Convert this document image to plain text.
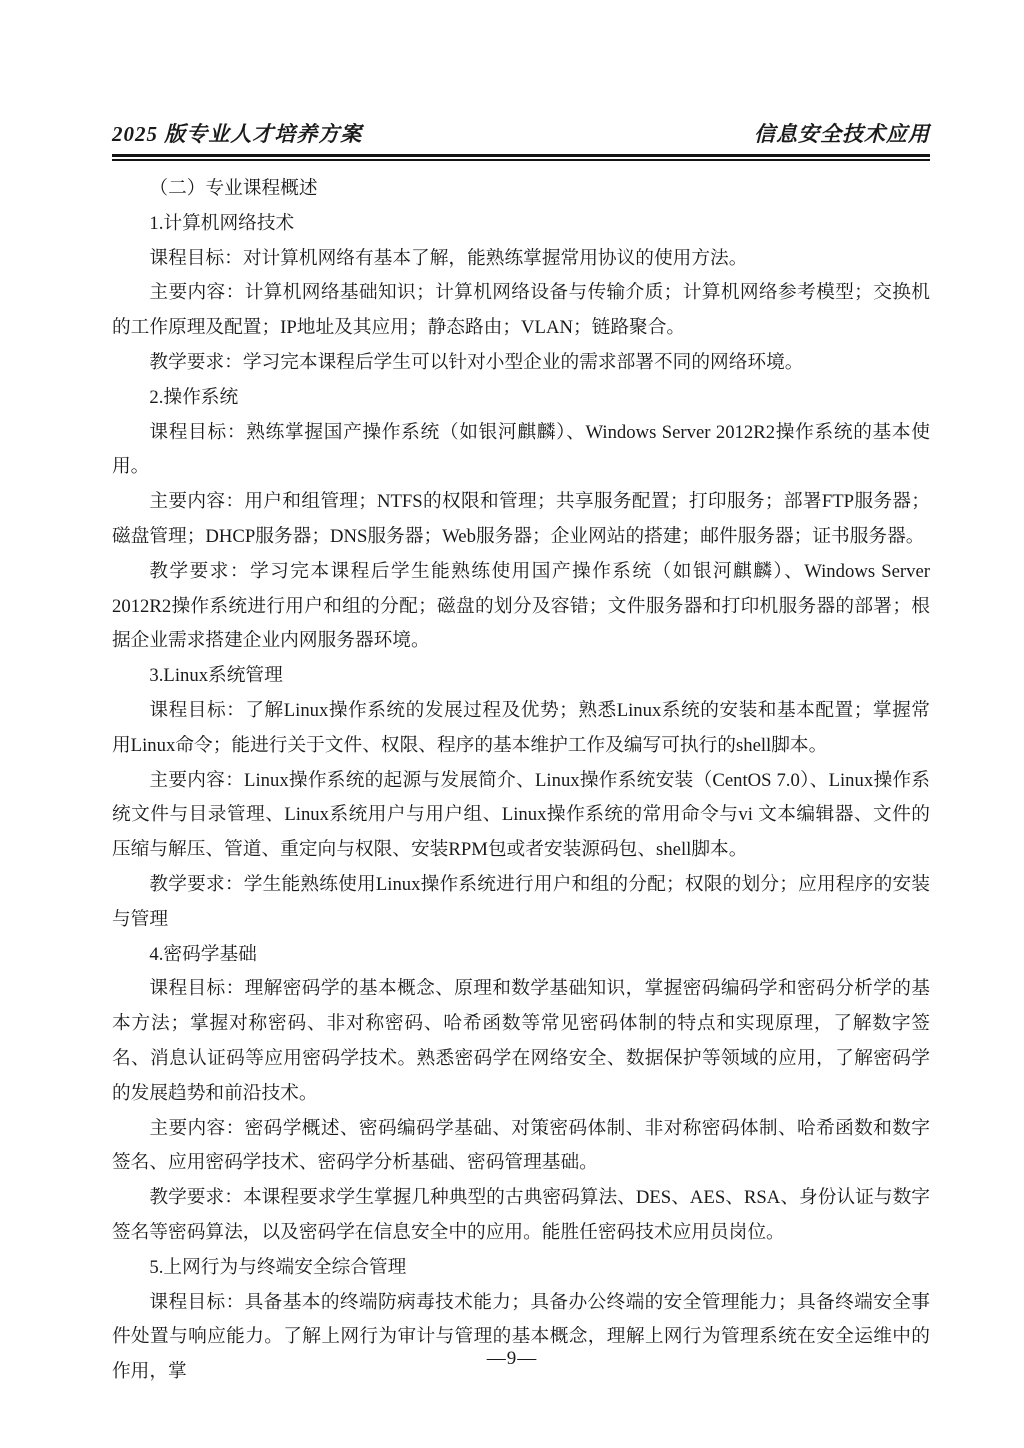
2025 版专业人才培养方案	信息安全技术应用

（二）专业课程概述

1.计算机网络技术

课程目标：对计算机网络有基本了解，能熟练掌握常用协议的使用方法。

主要内容：计算机网络基础知识；计算机网络设备与传输介质；计算机网络参考模型；交换机的工作原理及配置；IP地址及其应用；静态路由；VLAN；链路聚合。

教学要求：学习完本课程后学生可以针对小型企业的需求部署不同的网络环境。

2.操作系统

课程目标：熟练掌握国产操作系统（如银河麒麟）、Windows Server 2012R2操作系统的基本使用。

主要内容：用户和组管理；NTFS的权限和管理；共享服务配置；打印服务；部署FTP服务器；磁盘管理；DHCP服务器；DNS服务器；Web服务器；企业网站的搭建；邮件服务器；证书服务器。

教学要求：学习完本课程后学生能熟练使用国产操作系统（如银河麒麟）、Windows Server 2012R2操作系统进行用户和组的分配；磁盘的划分及容错；文件服务器和打印机服务器的部署；根据企业需求搭建企业内网服务器环境。

3.Linux系统管理

课程目标：了解Linux操作系统的发展过程及优势；熟悉Linux系统的安装和基本配置；掌握常用Linux命令；能进行关于文件、权限、程序的基本维护工作及编写可执行的shell脚本。

主要内容：Linux操作系统的起源与发展简介、Linux操作系统安装（CentOS 7.0）、Linux操作系统文件与目录管理、Linux系统用户与用户组、Linux操作系统的常用命令与vi 文本编辑器、文件的压缩与解压、管道、重定向与权限、安装RPM包或者安装源码包、shell脚本。

教学要求：学生能熟练使用Linux操作系统进行用户和组的分配；权限的划分；应用程序的安装与管理

4.密码学基础

课程目标：理解密码学的基本概念、原理和数学基础知识，掌握密码编码学和密码分析学的基本方法；掌握对称密码、非对称密码、哈希函数等常见密码体制的特点和实现原理，了解数字签名、消息认证码等应用密码学技术。熟悉密码学在网络安全、数据保护等领域的应用，了解密码学的发展趋势和前沿技术。

主要内容：密码学概述、密码编码学基础、对策密码体制、非对称密码体制、哈希函数和数字签名、应用密码学技术、密码学分析基础、密码管理基础。

教学要求：本课程要求学生掌握几种典型的古典密码算法、DES、AES、RSA、身份认证与数字签名等密码算法，以及密码学在信息安全中的应用。能胜任密码技术应用员岗位。

5.上网行为与终端安全综合管理

课程目标：具备基本的终端防病毒技术能力；具备办公终端的安全管理能力；具备终端安全事件处置与响应能力。了解上网行为审计与管理的基本概念，理解上网行为管理系统在安全运维中的作用，掌

—9—
